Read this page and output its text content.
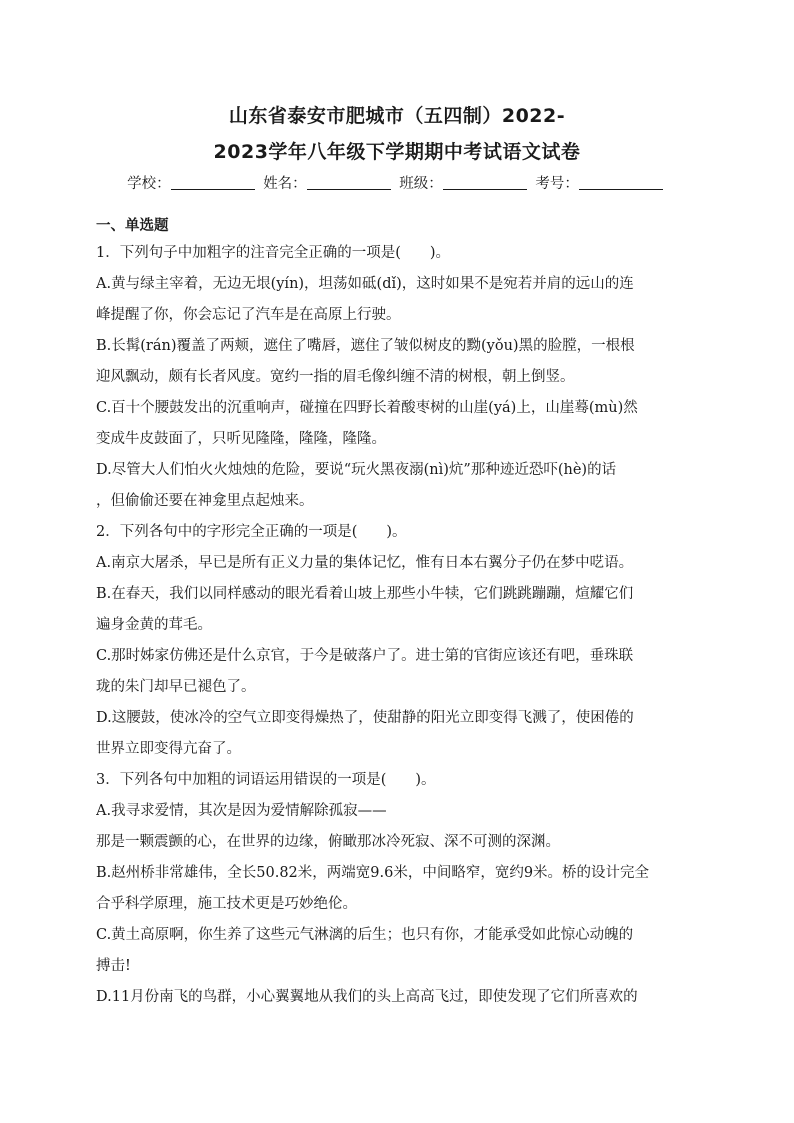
山东省泰安市肥城市（五四制）2022-
2023学年八年级下学期期中考试语文试卷
学校：	姓名：	班级：	考号：
一、单选题
1．下列句子中加粗字的注音完全正确的一项是(　　)。
A.黄与绿主宰着，无边无垠(yín)，坦荡如砥(dǐ)，这时如果不是宛若并肩的远山的连
峰提醒了你，你会忘记了汽车是在高原上行驶。
B.长髯(rán)覆盖了两颊，遮住了嘴唇，遮住了皱似树皮的黝(yǒu)黑的脸膛，一根根
迎风飘动，颇有长者风度。宽约一指的眉毛像纠缠不清的树根，朝上倒竖。
C.百十个腰鼓发出的沉重响声，碰撞在四野长着酸枣树的山崖(yá)上，山崖蓦(mù)然
变成牛皮鼓面了，只听见隆隆，隆隆，隆隆。
D.尽管大人们怕火火烛烛的危险，要说“玩火黑夜溺(nì)炕”那种迹近恐吓(hè)的话
，但偷偷还要在神龛里点起烛来。
2．下列各句中的字形完全正确的一项是(　　)。
A.南京大屠杀，早已是所有正义力量的集体记忆，惟有日本右翼分子仍在梦中呓语。
B.在春天，我们以同样感动的眼光看着山坡上那些小牛犊，它们跳跳蹦蹦，煊耀它们
遍身金黄的茸毛。
C.那时姊家仿佛还是什么京官，于今是破落户了。进士第的官街应该还有吧，垂珠联
珑的朱门却早已褪色了。
D.这腰鼓，使冰冷的空气立即变得燥热了，使甜静的阳光立即变得飞溅了，使困倦的
世界立即变得亢奋了。
3．下列各句中加粗的词语运用错误的一项是(　　)。
A.我寻求爱情，其次是因为爱情解除孤寂——
那是一颗震颤的心，在世界的边缘，俯瞰那冰冷死寂、深不可测的深渊。
B.赵州桥非常雄伟，全长50.82米，两端宽9.6米，中间略窄，宽约9米。桥的设计完全
合乎科学原理，施工技术更是巧妙绝伦。
C.黄土高原啊，你生养了这些元气淋漓的后生；也只有你，才能承受如此惊心动魄的
搏击!
D.11月份南飞的鸟群，小心翼翼地从我们的头上高高飞过，即使发现了它们所喜欢的
